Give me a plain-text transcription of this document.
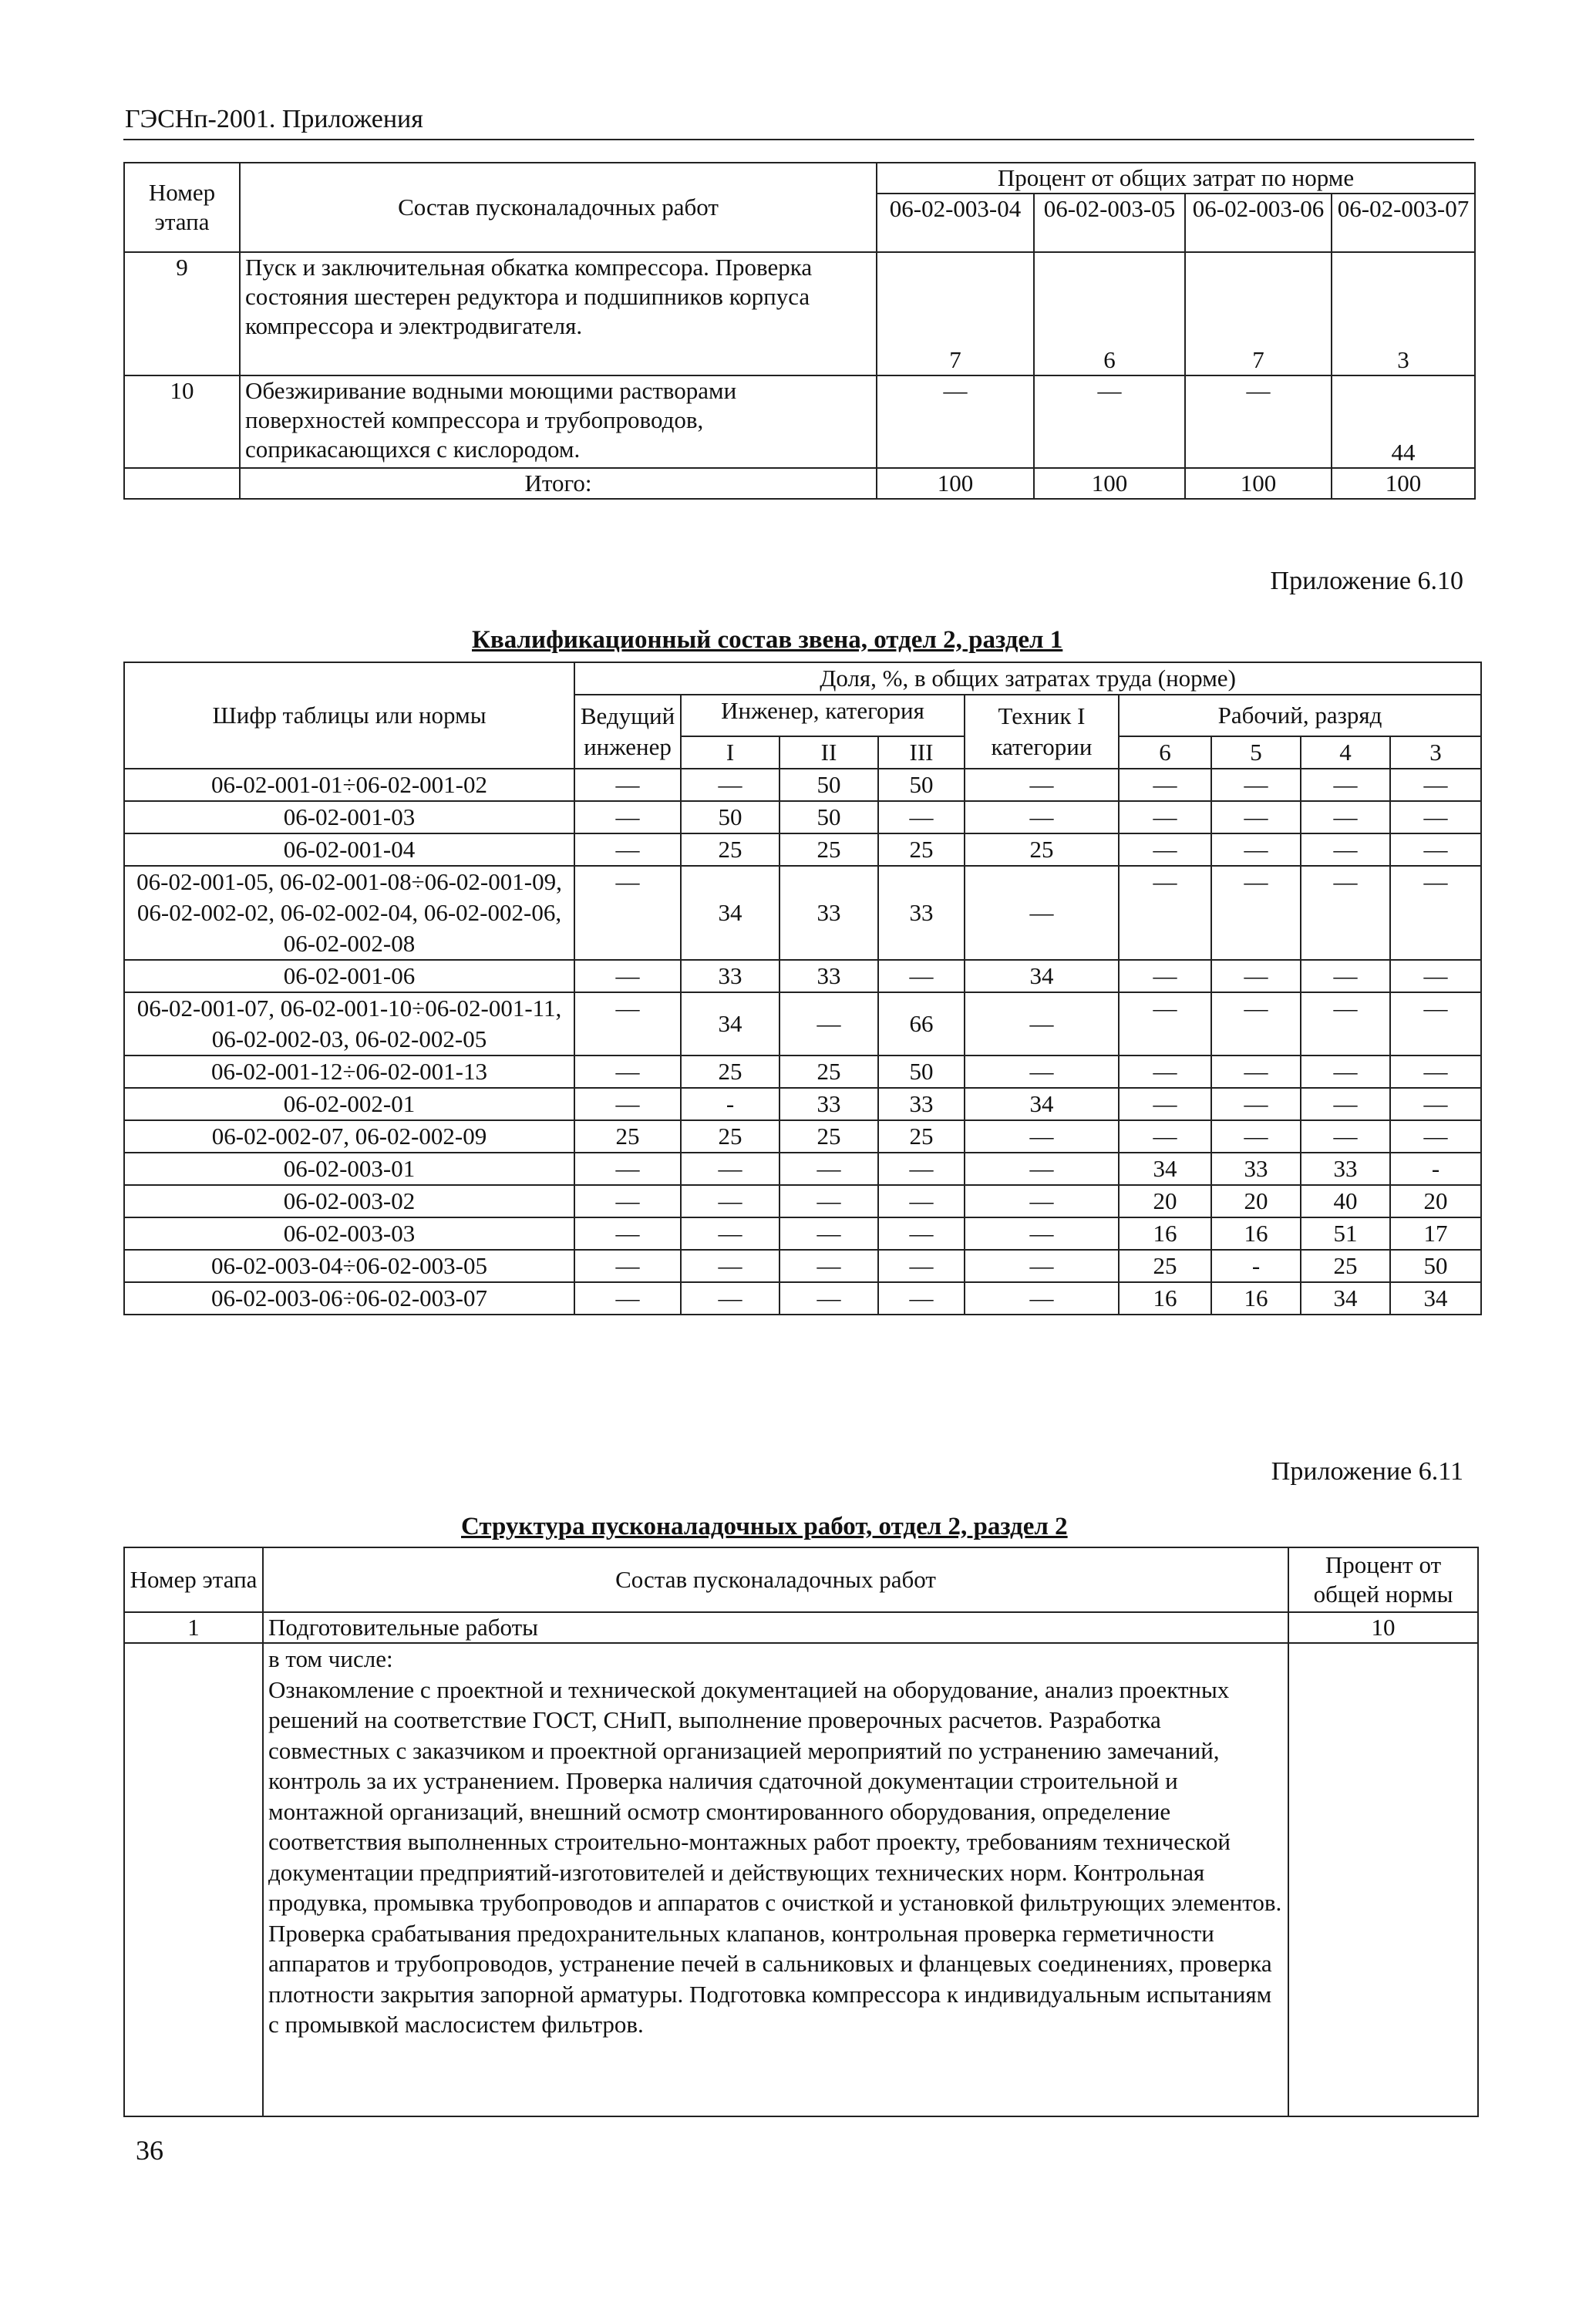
ГЭСНп-2001. Приложения
Номер этапа	Состав пусконаладочных работ	Процент от общих затрат по норме			
		06-02-003-04	06-02-003-05	06-02-003-06	06-02-003-07
9	Пуск и заключительная обкатка компрессора. Проверка состояния шестерен редуктора и подшипников корпуса компрессора и электродвигателя.	7	6	7	3
10	Обезжиривание водными моющими растворами поверхностей компрессора и трубопроводов, соприкасающихся с кислородом.	—	—	—	44
	Итого:	100	100	100	100
Приложение 6.10
Квалификационный состав звена, отдел 2, раздел 1
Шифр таблицы или нормы	Доля, %, в общих затратах труда (норме)								
	Ведущий инженер	Инженер, категория			Техник I категории	Рабочий, разряд			
		I	II	III		6	5	4	3
06-02-001-01÷06-02-001-02	—	—	50	50	—	—	—	—	—
06-02-001-03	—	50	50	—	—	—	—	—	—
06-02-001-04	—	25	25	25	25	—	—	—	—
06-02-001-05, 06-02-001-08÷06-02-001-09, 06-02-002-02, 06-02-002-04, 06-02-002-06, 06-02-002-08	—	34	33	33	—	—	—	—	—
06-02-001-06	—	33	33	—	34	—	—	—	—
06-02-001-07, 06-02-001-10÷06-02-001-11, 06-02-002-03, 06-02-002-05	—	34	—	66	—	—	—	—	—
06-02-001-12÷06-02-001-13	—	25	25	50	—	—	—	—	—
06-02-002-01	—	-	33	33	34	—	—	—	—
06-02-002-07, 06-02-002-09	25	25	25	25	—	—	—	—	—
06-02-003-01	—	—	—	—	—	34	33	33	-
06-02-003-02	—	—	—	—	—	20	20	40	20
06-02-003-03	—	—	—	—	—	16	16	51	17
06-02-003-04÷06-02-003-05	—	—	—	—	—	25	-	25	50
06-02-003-06÷06-02-003-07	—	—	—	—	—	16	16	34	34
Приложение 6.11
Структура пусконаладочных работ, отдел 2, раздел 2
Номер этапа	Состав пусконаладочных работ	Процент от общей нормы
1	Подготовительные работы	10

	в том числе:
Ознакомление с проектной и технической документацией на оборудование, анализ проектных решений на соответствие ГОСТ, СНиП, выполнение проверочных расчетов. Разработка совместных с заказчиком и проектной организацией мероприятий по устранению замечаний, контроль за их устранением. Проверка наличия сдаточной документации строительной и монтажной организаций, внешний осмотр смонтированного оборудования, определение соответствия выполненных строительно-монтажных работ проекту, требованиям технической документации предприятий-изготовителей и действующих технических норм. Контрольная продувка, промывка трубопроводов и аппаратов с очисткой и установкой фильтрующих элементов. Проверка срабатывания предохранительных клапанов, контрольная проверка герметичности аппаратов и трубопроводов, устранение печей в сальниковых и фланцевых соединениях, проверка плотности закрытия запорной арматуры. Подготовка компрессора к индивидуальным испытаниям с промывкой маслосистем фильтров.	

36
